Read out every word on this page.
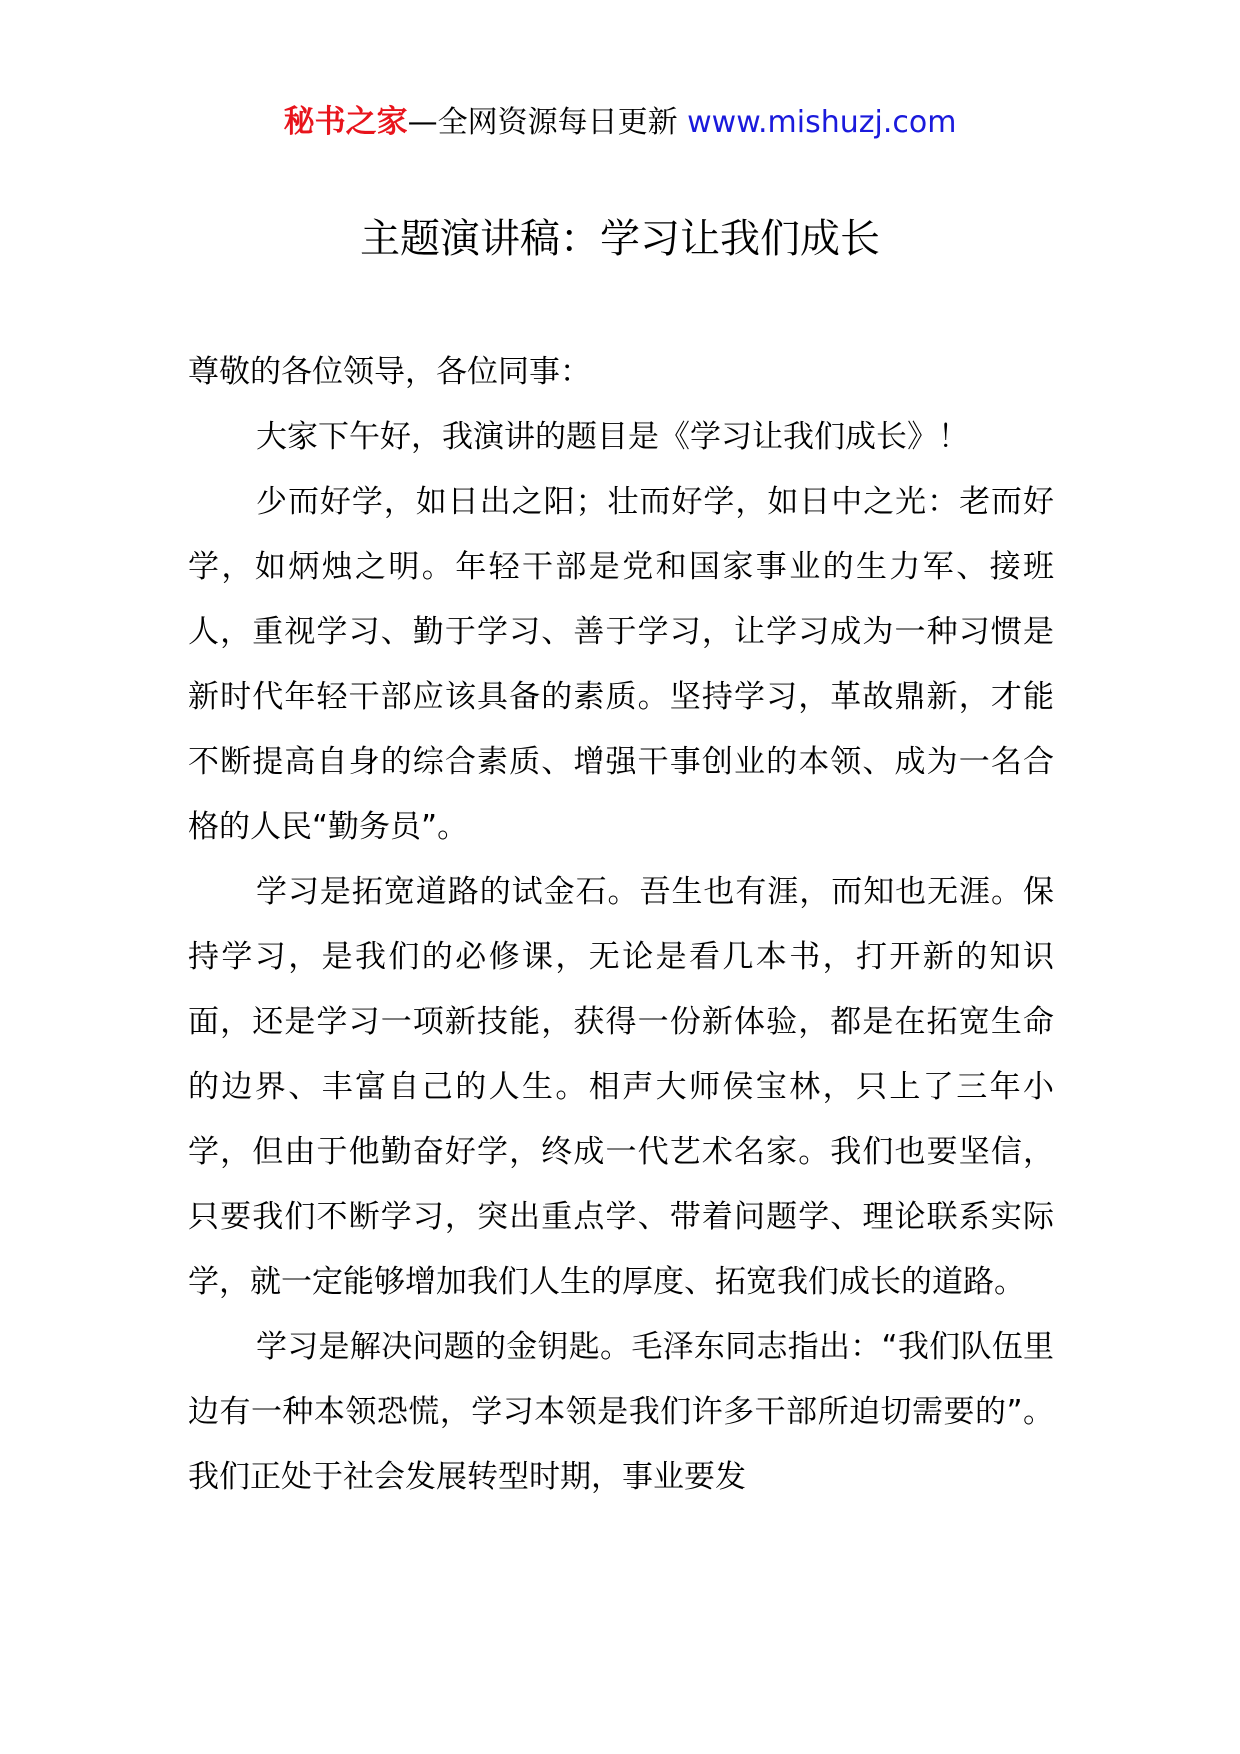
秘书之家—全网资源每日更新 www.mishuzj.com
主题演讲稿：学习让我们成长

尊敬的各位领导，各位同事：

大家下午好，我演讲的题目是《学习让我们成长》！

少而好学，如日出之阳；壮而好学，如日中之光：老而好学，如炳烛之明。年轻干部是党和国家事业的生力军、接班人，重视学习、勤于学习、善于学习，让学习成为一种习惯是新时代年轻干部应该具备的素质。坚持学习，革故鼎新，才能不断提高自身的综合素质、增强干事创业的本领、成为一名合格的人民“勤务员”。

学习是拓宽道路的试金石。吾生也有涯，而知也无涯。保持学习，是我们的必修课，无论是看几本书，打开新的知识面，还是学习一项新技能，获得一份新体验，都是在拓宽生命的边界、丰富自己的人生。相声大师侯宝林，只上了三年小学，但由于他勤奋好学，终成一代艺术名家。我们也要坚信，只要我们不断学习，突出重点学、带着问题学、理论联系实际学，就一定能够增加我们人生的厚度、拓宽我们成长的道路。

学习是解决问题的金钥匙。毛泽东同志指出：“我们队伍里边有一种本领恐慌，学习本领是我们许多干部所迫切需要的”。我们正处于社会发展转型时期，事业要发
